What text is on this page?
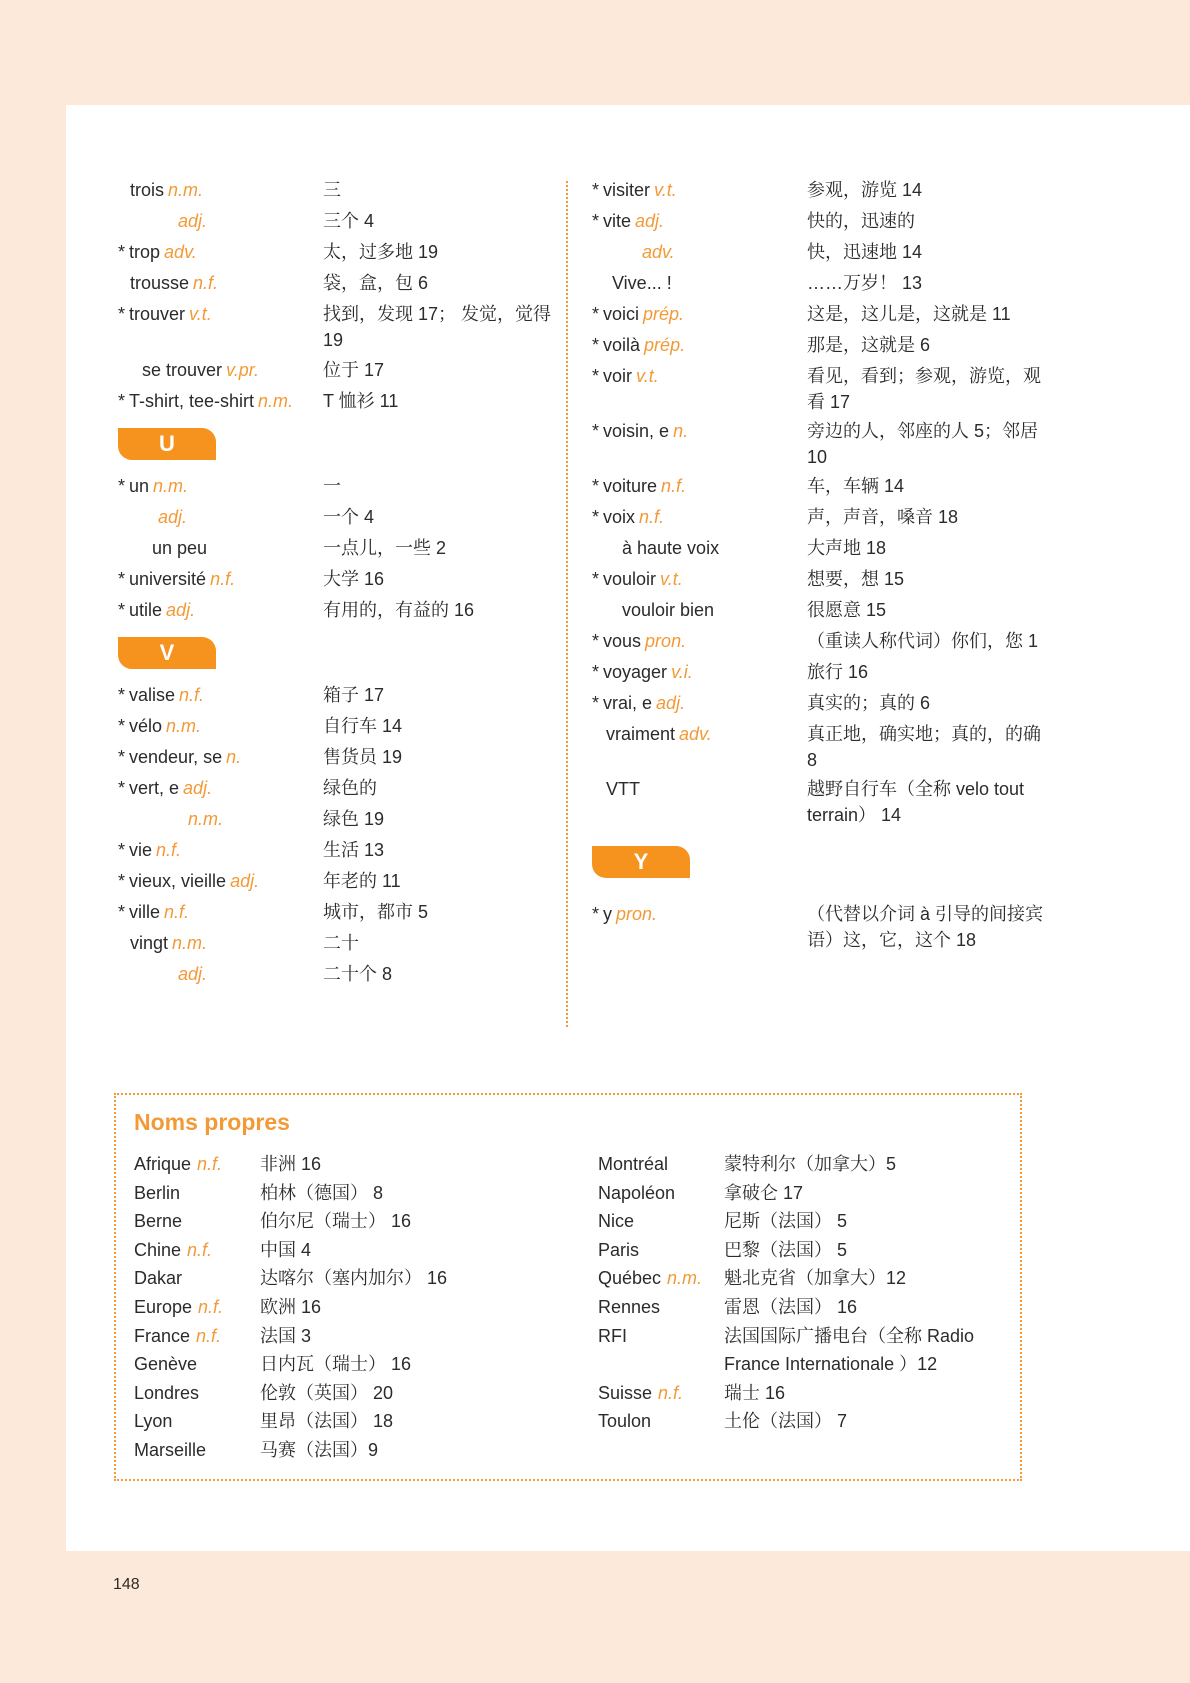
trois n.m.	三
adj.	三个 4
* trop adv.	太，过多地 19
trousse n.f.	袋，盒，包 6
* trouver v.t.	找到，发现 17； 发觉，觉得 19
se trouver v.pr.	位于 17
* T-shirt, tee-shirt n.m. T 恤衫 11
U
* un n.m.	一
adj.	一个 4
un peu	一点儿，一些 2
* université n.f.	大学 16
* utile adj.	有用的，有益的 16
V
* valise n.f.	箱子 17
* vélo n.m.	自行车 14
* vendeur, se n.	售货员 19
* vert, e adj.	绿色的
n.m.	绿色 19
* vie n.f.	生活 13
* vieux, vieille adj.	年老的 11
* ville n.f.	城市，都市 5
vingt n.m.	二十
adj.	二十个 8
* visiter v.t.	参观，游览 14
* vite adj.	快的，迅速的
adv.	快，迅速地 14
Vive... !	……万岁！ 13
* voici prép.	这是，这儿是，这就是 11
* voilà prép.	那是，这就是 6
* voir v.t.	看见，看到；参观，游览，观看 17
* voisin, e n.	旁边的人，邻座的人 5；邻居 10
* voiture n.f.	车，车辆 14
* voix n.f.	声，声音，嗓音 18
à haute voix	大声地 18
* vouloir v.t.	想要，想 15
vouloir bien	很愿意 15
* vous pron.	（重读人称代词）你们，您 1
* voyager v.i.	旅行 16
* vrai, e adj.	真实的；真的 6
vraiment adv.	真正地，确实地；真的，的确 8
VTT	越野自行车（全称 velo tout terrain） 14
Y
* y pron.	（代替以介词 à 引导的间接宾语）这，它，这个 18
Noms propres
Afrique n.f. 非洲 16
Berlin	柏林（德国） 8
Berne	伯尔尼（瑞士） 16
Chine n.f.	中国 4
Dakar	达喀尔（塞内加尔） 16
Europe n.f. 欧洲 16
France n.f. 法国 3
Genève	日内瓦（瑞士） 16
Londres	伦敦（英国） 20
Lyon	里昂（法国） 18
Marseille	马赛（法国）9
Montréal	蒙特利尔（加拿大）5
Napoléon	拿破仑 17
Nice	尼斯（法国） 5
Paris	巴黎（法国） 5
Québec n.m. 魁北克省（加拿大）12
Rennes	雷恩（法国） 16
RFI	法国国际广播电台（全称 Radio
France Internationale ）12
Suisse n.f. 瑞士 16
Toulon	土伦（法国） 7
148
